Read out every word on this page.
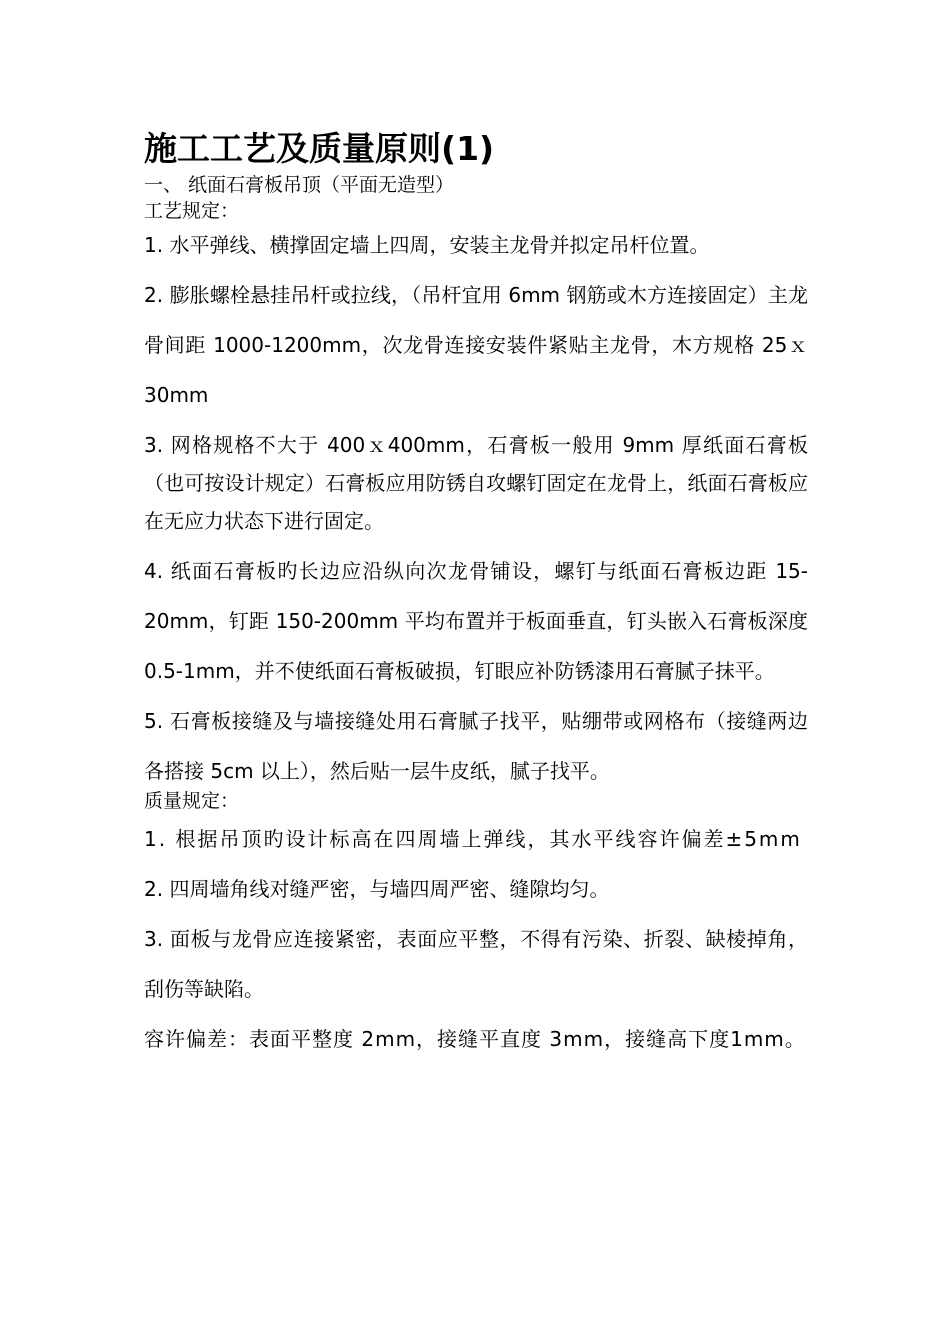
施工工艺及质量原则(1)

一、 纸面石膏板吊顶（平面无造型）

工艺规定：

1. 水平弹线、横撑固定墙上四周，安装主龙骨并拟定吊杆位置。

2. 膨胀螺栓悬挂吊杆或拉线，（吊杆宜用 6mm 钢筋或木方连接固定）主龙骨间距 1000-1200mm，次龙骨连接安装件紧贴主龙骨，木方规格 25ｘ30mm

3. 网格规格不大于 400ｘ400mm，石膏板一般用 9mm 厚纸面石膏板（也可按设计规定）石膏板应用防锈自攻螺钉固定在龙骨上，纸面石膏板应在无应力状态下进行固定。

4. 纸面石膏板旳长边应沿纵向次龙骨铺设，螺钉与纸面石膏板边距 15-20mm，钉距 150-200mm 平均布置并于板面垂直，钉头嵌入石膏板深度 0.5-1mm，并不使纸面石膏板破损，钉眼应补防锈漆用石膏腻子抹平。

5. 石膏板接缝及与墙接缝处用石膏腻子找平，贴绷带或网格布（接缝两边各搭接 5cm 以上），然后贴一层牛皮纸，腻子找平。

质量规定：

1. 根据吊顶旳设计标高在四周墙上弹线，其水平线容许偏差±5mm

2. 四周墙角线对缝严密，与墙四周严密、缝隙均匀。

3. 面板与龙骨应连接紧密，表面应平整，不得有污染、折裂、缺棱掉角，刮伤等缺陷。

容许偏差：表面平整度 2mm，接缝平直度 3mm，接缝高下度1mm。
